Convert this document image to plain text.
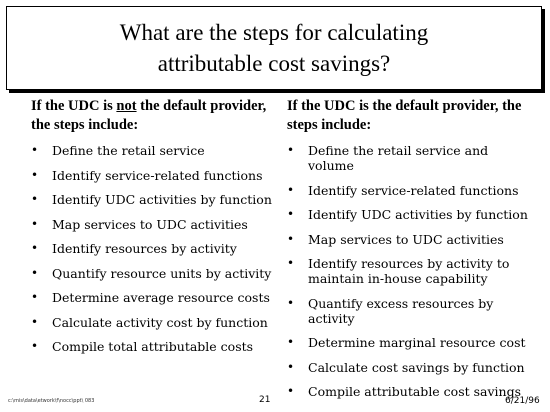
What are the steps for calculating
attributable cost savings?
If the UDC is not the default provider, the steps include:
• Define the retail service
• Identify service-related functions
• Identify UDC activities by function
• Map services to UDC activities
• Identify resources by activity
• Quantify resource units by activity
• Determine average resource costs
• Calculate activity cost by function
• Compile total attributable costs
If the UDC is the default provider, the steps include:
• Define the retail service and volume
• Identify service-related functions
• Identify UDC activities by function
• Map services to UDC activities
• Identify resources by activity to maintain in-house capability
• Quantify excess resources by activity
• Determine marginal resource cost
• Calculate cost savings by function
• Compile attributable cost savings
c:\mis\data\etwork\f\nocc\ppt\ 083	21	6/21/96
